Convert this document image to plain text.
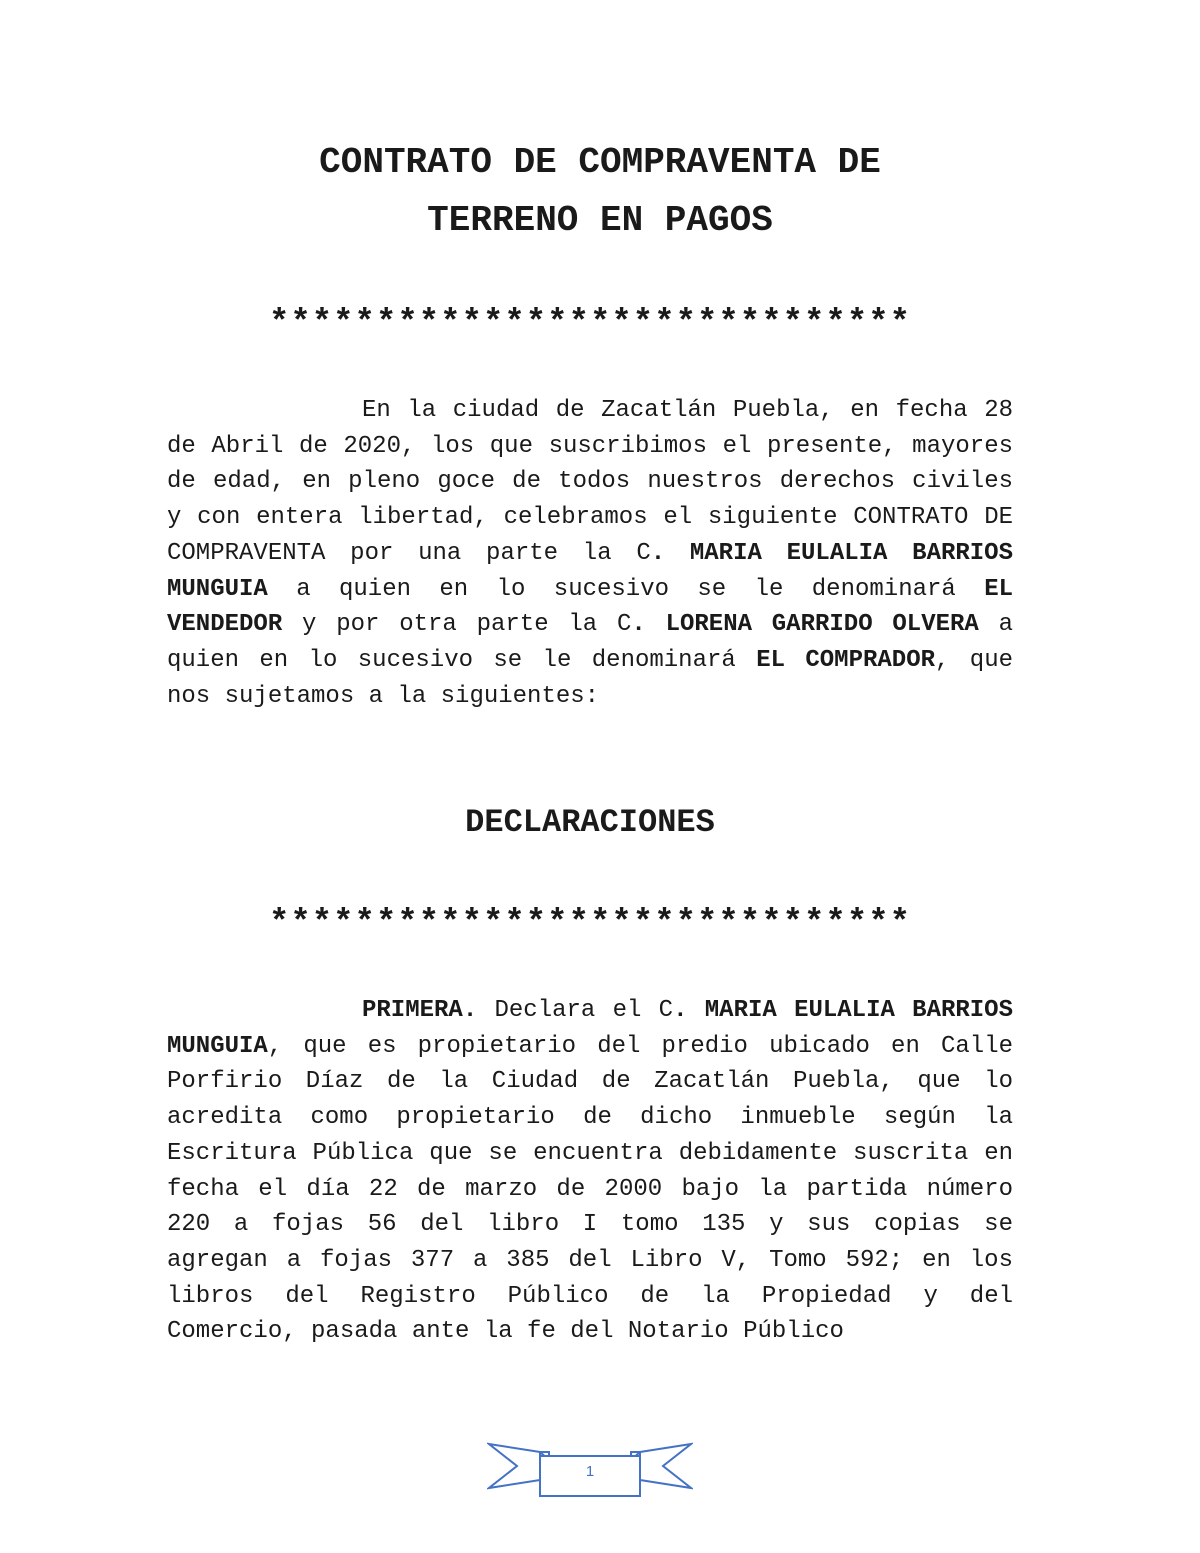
CONTRATO DE COMPRAVENTA DE
TERRENO EN PAGOS
******************************

En la ciudad de Zacatlán Puebla, en fecha 28 de Abril de 2020, los que suscribimos el presente, mayores de edad, en pleno goce de todos nuestros derechos civiles y con entera libertad, celebramos el siguiente CONTRATO DE COMPRAVENTA por una parte la C. MARIA EULALIA BARRIOS MUNGUIA a quien en lo sucesivo se le denominará EL VENDEDOR y por otra parte la C. LORENA GARRIDO OLVERA a quien en lo sucesivo se le denominará EL COMPRADOR, que nos sujetamos a la siguientes:

DECLARACIONES
******************************

PRIMERA. Declara el C. MARIA EULALIA BARRIOS MUNGUIA, que es propietario del predio ubicado en Calle Porfirio Díaz de la Ciudad de Zacatlán Puebla, que lo acredita como propietario de dicho inmueble según la Escritura Pública que se encuentra debidamente suscrita en fecha el día 22 de marzo de 2000 bajo la partida número 220 a fojas 56 del libro I tomo 135 y sus copias se agregan a fojas 377 a 385 del Libro V, Tomo 592; en los libros del Registro Público de la Propiedad y del Comercio, pasada ante la fe del Notario Público

1
